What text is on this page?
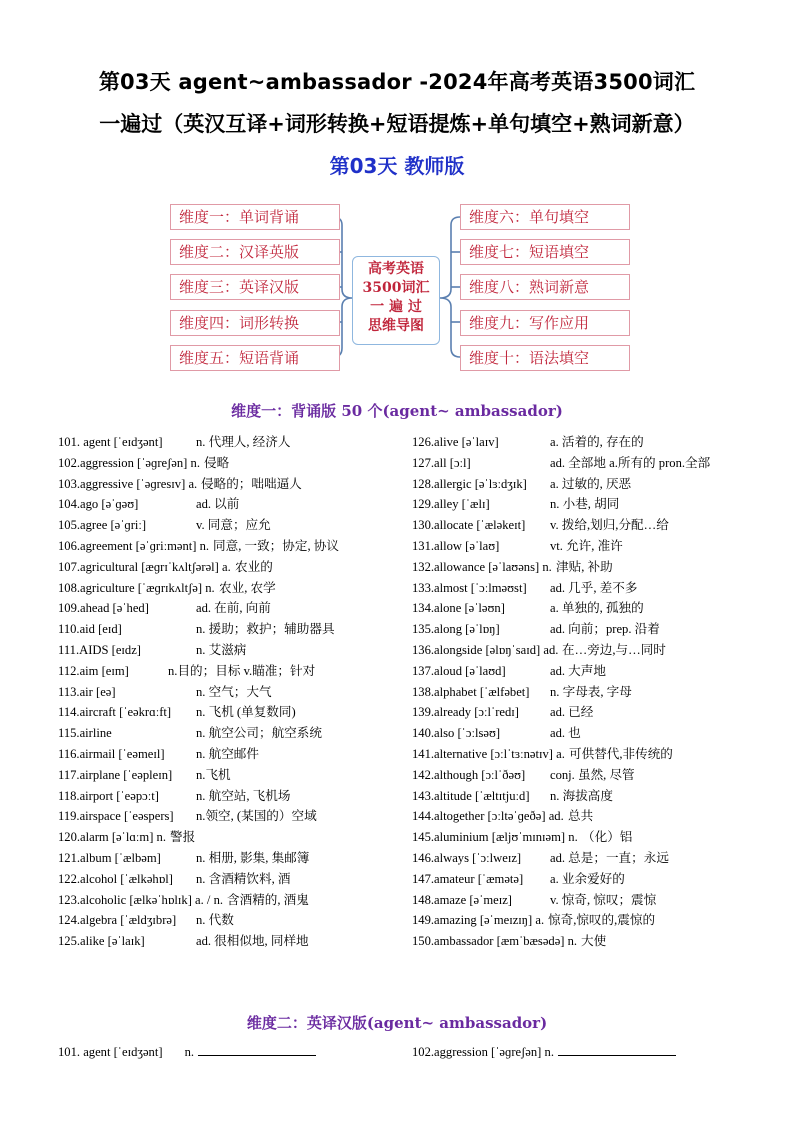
第03天 agent~ambassador -2024年高考英语3500词汇
一遍过（英汉互译+词形转换+短语提炼+单句填空+熟词新意）
第03天 教师版
维度一：单词背诵
维度二：汉译英版
维度三：英译汉版
维度四：词形转换
维度五：短语背诵
维度六：单句填空
维度七：短语填空
维度八：熟词新意
维度九：写作应用
维度十：语法填空
高考英语
3500词汇
一 遍 过
思维导图
维度一：背诵版 50 个(agent~ ambassador)
101. agent [ˈeɪdʒənt]	n. 代理人, 经济人
102.aggression [ˈəɡreʃən] n. 侵略
103.aggressive [ˈəɡresɪv] a. 侵略的；咄咄逼人
104.ago [əˈɡəʊ]	ad. 以前
105.agree [əˈɡriː]	v. 同意；应允
106.agreement [əˈɡriːmənt] n. 同意, 一致；协定, 协议
107.agricultural [æɡrɪˈkʌltʃərəl] a. 农业的
108.agriculture [ˈæɡrɪkʌltʃə] n. 农业, 农学
109.ahead [əˈhed]	ad. 在前, 向前
110.aid [eɪd]	n. 援助；救护；辅助器具
111.AIDS [eɪdz]	n. 艾滋病
112.aim [eɪm]	n.目的；目标 v.瞄准；针对
113.air [eə]	n. 空气；大气
114.aircraft [ˈeəkrɑːft] n. 飞机 (单复数同)
115.airline	n. 航空公司；航空系统
116.airmail [ˈeəmeɪl] n. 航空邮件
117.airplane [ˈeəpleɪn] n.飞机
118.airport [ˈeəpɔːt]	n. 航空站, 飞机场
119.airspace [ˈeəspers] n.领空, (某国的）空域
120.alarm [əˈlɑːm] n. 警报
121.album [ˈælbəm]	n. 相册, 影集, 集邮簿
122.alcohol [ˈælkəhɒl] n. 含酒精饮料, 酒
123.alcoholic [ælkəˈhɒlɪk] a. / n. 含酒精的, 酒鬼
124.algebra [ˈældʒɪbrə] n. 代数
125.alike [əˈlaɪk]	ad. 很相似地, 同样地
126.alive [əˈlaɪv]	a. 活着的, 存在的
127.all [ɔːl]	ad. 全部地 a.所有的 pron.全部
128.allergic [əˈlɜːdʒɪk] a. 过敏的, 厌恶
129.alley [ˈælɪ]	n. 小巷, 胡同
130.allocate [ˈæləkeɪt] v. 拨给,划归,分配…给
131.allow [əˈlaʊ]	vt. 允许, 准许
132.allowance [əˈlaʊəns] n. 津贴, 补助
133.almost [ˈɔːlməʊst] ad. 几乎, 差不多
134.alone [əˈləʊn]	a. 单独的, 孤独的
135.along [əˈlɒŋ]	ad. 向前；prep. 沿着
136.alongside [əlɒŋˈsaɪd] ad. 在…旁边,与…同时
137.aloud [əˈlaʊd]	ad. 大声地
138.alphabet [ˈælfəbet] n. 字母表, 字母
139.already [ɔːlˈredɪ] ad. 已经
140.also [ˈɔːlsəʊ]	ad. 也
141.alternative [ɔːlˈtɜːnətɪv] a. 可供替代,非传统的
142.although [ɔːlˈðəʊ] conj. 虽然, 尽管
143.altitude [ˈæltɪtjuːd] n. 海拔高度
144.altogether [ɔːltəˈɡeðə] ad. 总共
145.aluminium [æljʊˈmɪnɪəm] n. （化）铝
146.always [ˈɔːlweɪz] ad. 总是；一直；永远
147.amateur [ˈæmətə] a. 业余爱好的
148.amaze [əˈmeɪz]	v. 惊奇, 惊叹；震惊
149.amazing [əˈmeɪzɪŋ] a. 惊奇,惊叹的,震惊的
150.ambassador [æmˈbæsədə] n. 大使
维度二：英译汉版(agent~ ambassador)
101. agent [ˈeɪdʒənt] n.	102.aggression [ˈəɡreʃən] n.
